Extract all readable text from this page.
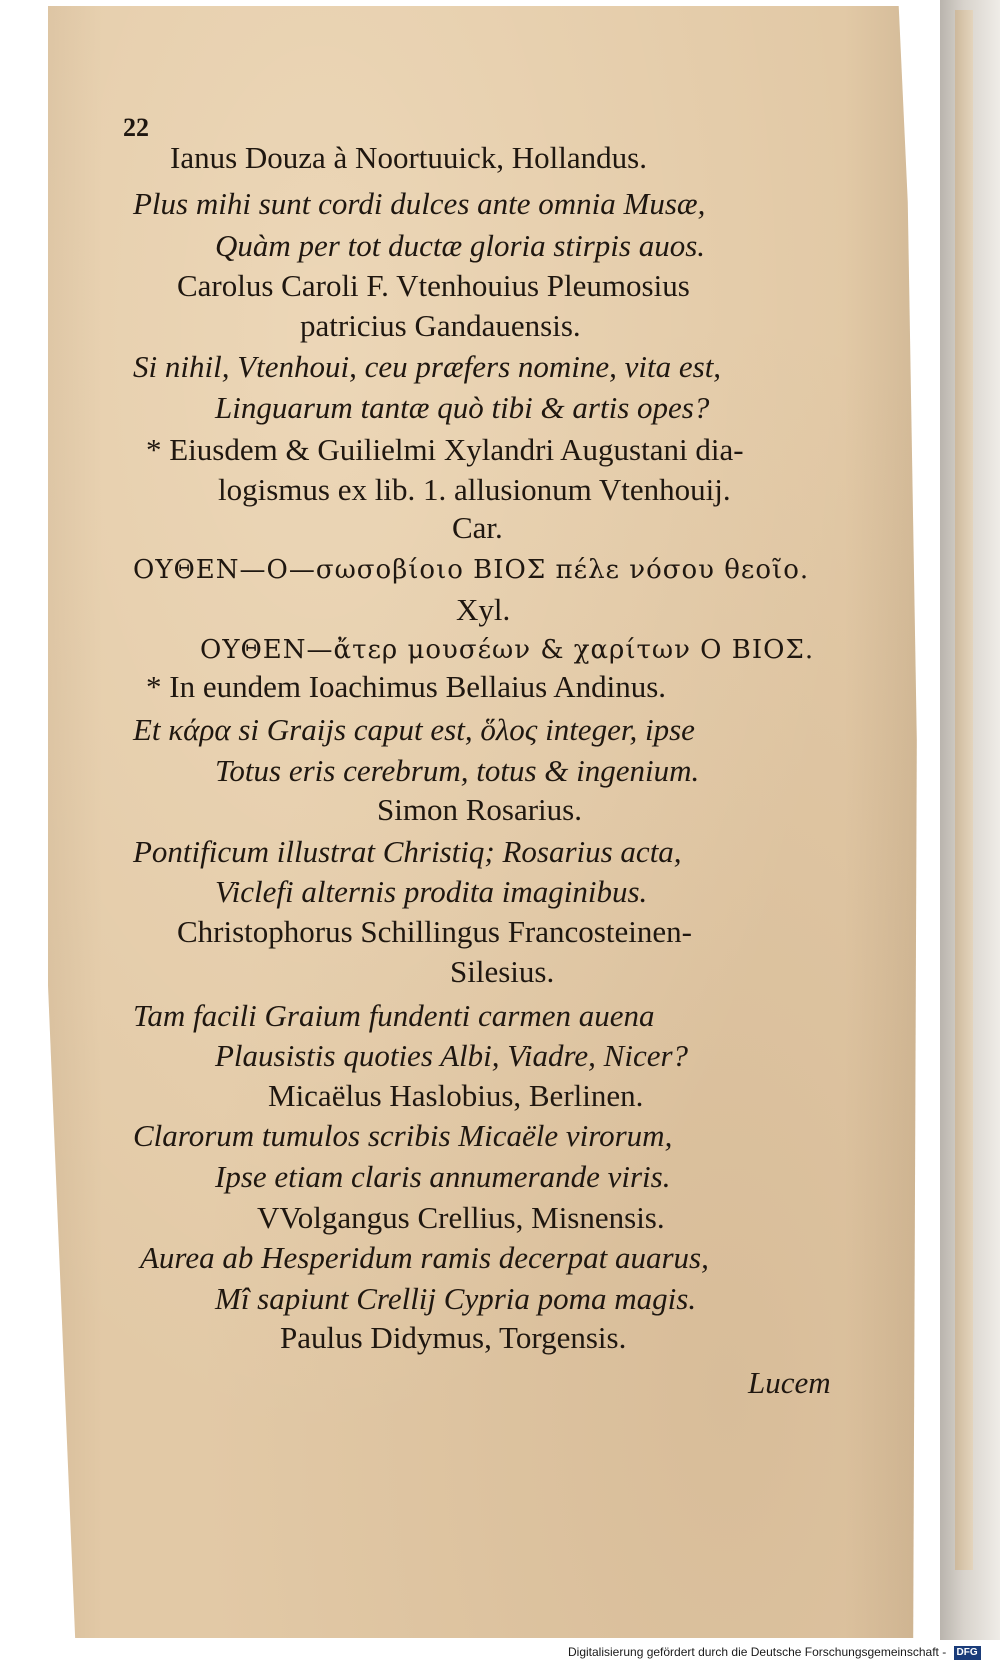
22
Ianus Douza à Noortuuick, Hollandus.
Plus mihi sunt cordi dulces ante omnia Musæ,
Quàm per tot ductæ gloria stirpis auos.
Carolus Caroli F. Vtenhouius Pleumosius
patricius Gandauensis.
Si nihil, Vtenhoui, ceu præfers nomine, vita est,
Linguarum tantæ quò tibi & artis opes?
* Eiusdem & Guilielmi Xylandri Augustani dia-
logismus ex lib. 1. allusionum Vtenhouij.
Car.
ΟΥΘΕΝ—Ο—σωσοβίοιο ΒΙΟΣ πέλε νόσου θεοῖο.
Xyl.
ΟΥΘΕΝ—ἄτερ μουσέων & χαρίτων Ο ΒΙΟΣ.
* In eundem Ioachimus Bellaius Andinus.
Et κάρα si Graijs caput est, ὅλος integer, ipse
Totus eris cerebrum, totus & ingenium.
Simon Rosarius.
Pontificum illustrat Christiq; Rosarius acta,
Viclefi alternis prodita imaginibus.
Christophorus Schillingus Francosteinen-
Silesius.
Tam facili Graium fundenti carmen auena
Plausistis quoties Albi, Viadre, Nicer?
Micaëlus Haslobius, Berlinen.
Clarorum tumulos scribis Micaële virorum,
Ipse etiam claris annumerande viris.
VVolgangus Crellius, Misnensis.
Aurea ab Hesperidum ramis decerpat auarus,
Mî sapiunt Crellij Cypria poma magis.
Paulus Didymus, Torgensis.
Lucem
Digitalisierung gefördert durch die Deutsche Forschungsgemeinschaft - DFG
